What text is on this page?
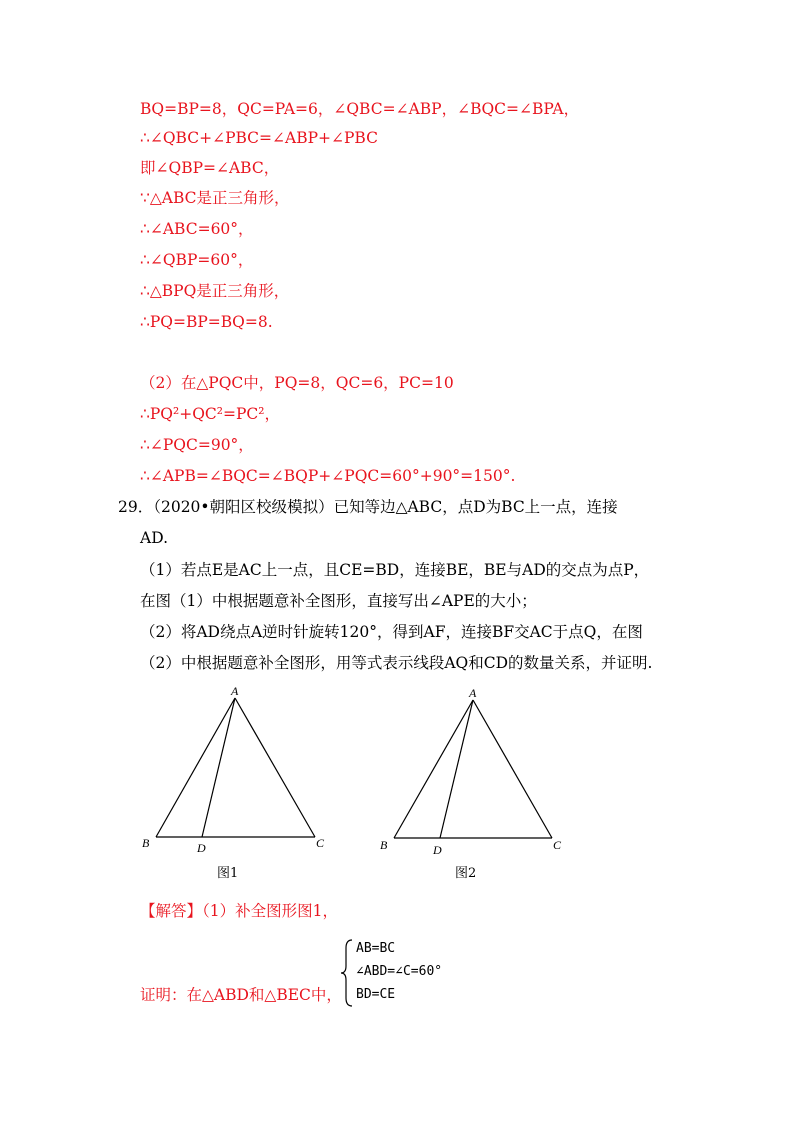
BQ=BP=8，QC=PA=6，∠QBC=∠ABP，∠BQC=∠BPA，
∴∠QBC+∠PBC=∠ABP+∠PBC
即∠QBP=∠ABC，
∵△ABC是正三角形，
∴∠ABC=60°，
∴∠QBP=60°，
∴△BPQ是正三角形，
∴PQ=BP=BQ=8.
（2）在△PQC中，PQ=8，QC=6，PC=10
∴PQ²+QC²=PC²，
∴∠PQC=90°，
∴∠APB=∠BQC=∠BQP+∠PQC=60°+90°=150°.
29．（2020•朝阳区校级模拟）已知等边△ABC，点D为BC上一点，连接
AD.
（1）若点E是AC上一点，且CE=BD，连接BE，BE与AD的交点为点P，
在图（1）中根据题意补全图形，直接写出∠APE的大小；
（2）将AD绕点A逆时针旋转120°，得到AF，连接BF交AC于点Q，在图
（2）中根据题意补全图形，用等式表示线段AQ和CD的数量关系，并证明.
A
B	C
D
图1
A
B	C
D
图2
【解答】（1）补全图形图1，
AB=BC
∠ABD=∠C=60°
BD=CE
证明：在△ABD和△BEC中，
